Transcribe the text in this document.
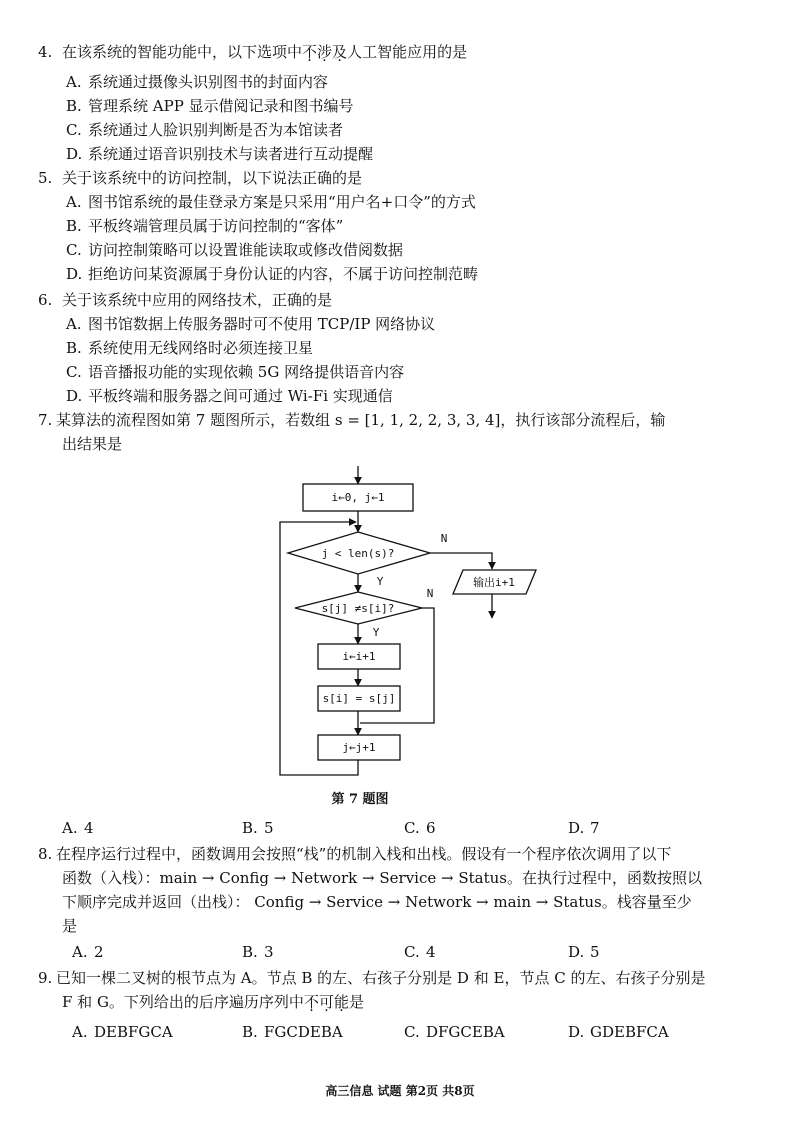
4. 在该系统的智能功能中，以下选项中不涉及人工智能应用的是
A. 系统通过摄像头识别图书的封面内容
B. 管理系统 APP 显示借阅记录和图书编号
C. 系统通过人脸识别判断是否为本馆读者
D. 系统通过语音识别技术与读者进行互动提醒
5. 关于该系统中的访问控制，以下说法正确的是
A. 图书馆系统的最佳登录方案是只采用“用户名+口令”的方式
B. 平板终端管理员属于访问控制的“客体”
C. 访问控制策略可以设置谁能读取或修改借阅数据
D. 拒绝访问某资源属于身份认证的内容，不属于访问控制范畴
6. 关于该系统中应用的网络技术，正确的是
A. 图书馆数据上传服务器时可不使用 TCP/IP 网络协议
B. 系统使用无线网络时必须连接卫星
C. 语音播报功能的实现依赖 5G 网络提供语音内容
D. 平板终端和服务器之间可通过 Wi-Fi 实现通信
7. 某算法的流程图如第 7 题图所示，若数组 s = [1, 1, 2, 2, 3, 3, 4]，执行该部分流程后，输
出结果是
i←0, j←1
j < len(s)?
N
Y	输出i+1
s[j] ≠s[i]?
N
Y
i←i+1
s[i] = s[j]
j←j+1
第 7 题图
A. 4	B. 5	C. 6	D. 7
8. 在程序运行过程中，函数调用会按照“栈”的机制入栈和出栈。假设有一个程序依次调用了以下
函数（入栈）：main → Config → Network → Service → Status。在执行过程中，函数按照以
下顺序完成并返回（出栈）： Config → Service → Network → main → Status。栈容量至少
是
A. 2	B. 3	C. 4	D. 5
9. 已知一棵二叉树的根节点为 A。节点 B 的左、右孩子分别是 D 和 E，节点 C 的左、右孩子分别是
F 和 G。下列给出的后序遍历序列中不可能是
A. DEBFGCA	B. FGCDEBA	C. DFGCEBA	D. GDEBFCA
高三信息 试题 第2页 共8页
